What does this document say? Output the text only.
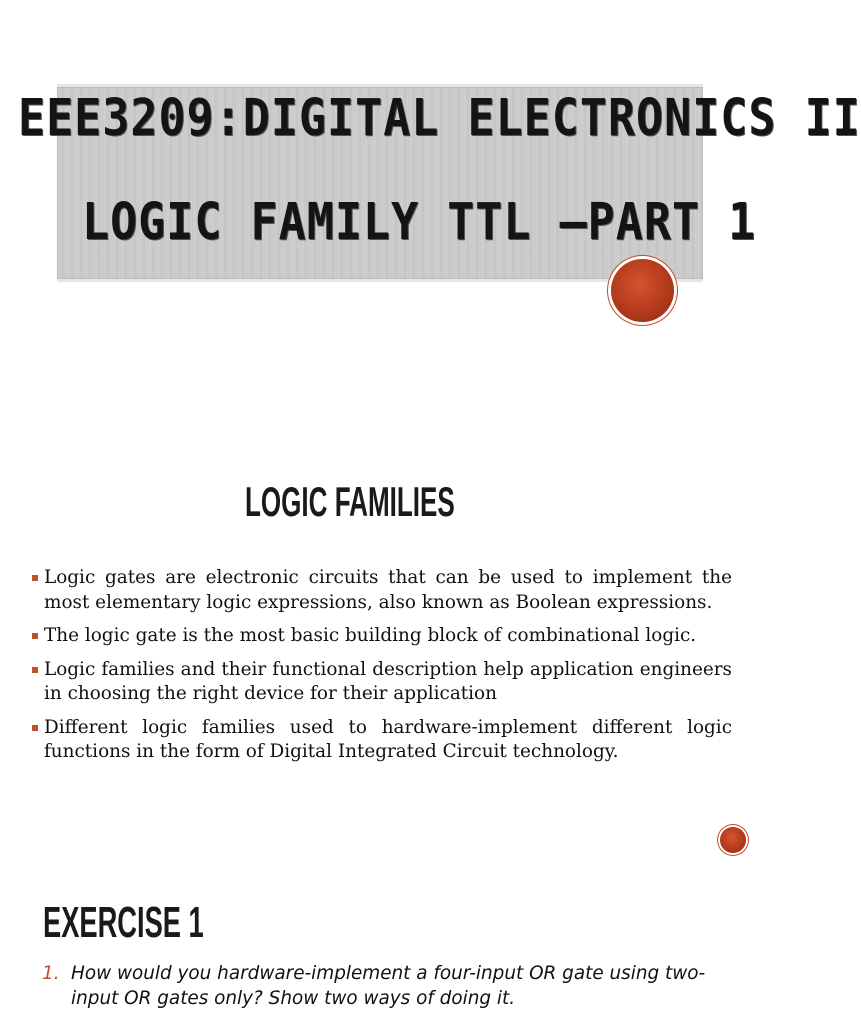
EEE3209:DIGITAL ELECTRONICS II
LOGIC FAMILY TTL –PART 1
LOGIC FAMILIES
Logic gates are electronic circuits that can be used to implement the most elementary logic expressions, also known as Boolean expressions.
The logic gate is the most basic building block of combinational logic.
Logic families and their functional description help application engineers in choosing the right device for their application
Different logic families used to hardware-implement different logic functions in the form of Digital Integrated Circuit technology.
EXERCISE 1
1. How would you hardware-implement a four-input OR gate using two-input OR gates only? Show two ways of doing it.
